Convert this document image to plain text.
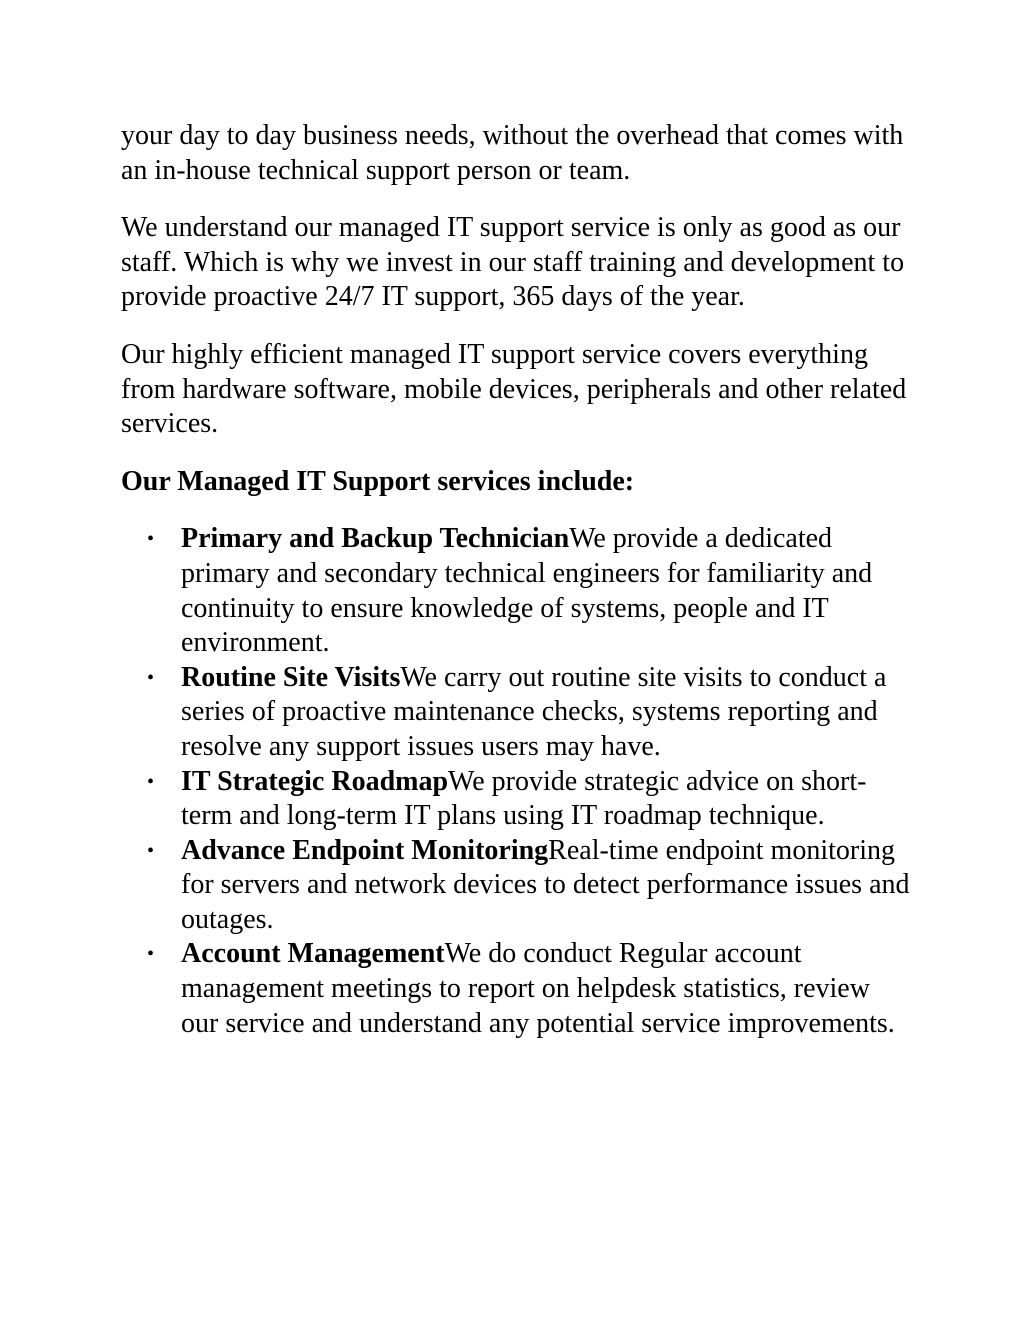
your day to day business needs, without the overhead that comes with an in-house technical support person or team.

We understand our managed IT support service is only as good as our staff. Which is why we invest in our staff training and development to provide proactive 24/7 IT support, 365 days of the year.

Our highly efficient managed IT support service covers everything from hardware software, mobile devices, peripherals and other related services.

Our Managed IT Support services include:
• Primary and Backup TechnicianWe provide a dedicated primary and secondary technical engineers for familiarity and continuity to ensure knowledge of systems, people and IT environment.
• Routine Site VisitsWe carry out routine site visits to conduct a series of proactive maintenance checks, systems reporting and resolve any support issues users may have.
• IT Strategic RoadmapWe provide strategic advice on short-term and long-term IT plans using IT roadmap technique.
• Advance Endpoint MonitoringReal-time endpoint monitoring for servers and network devices to detect performance issues and outages.
• Account ManagementWe do conduct Regular account management meetings to report on helpdesk statistics, review our service and understand any potential service improvements.
